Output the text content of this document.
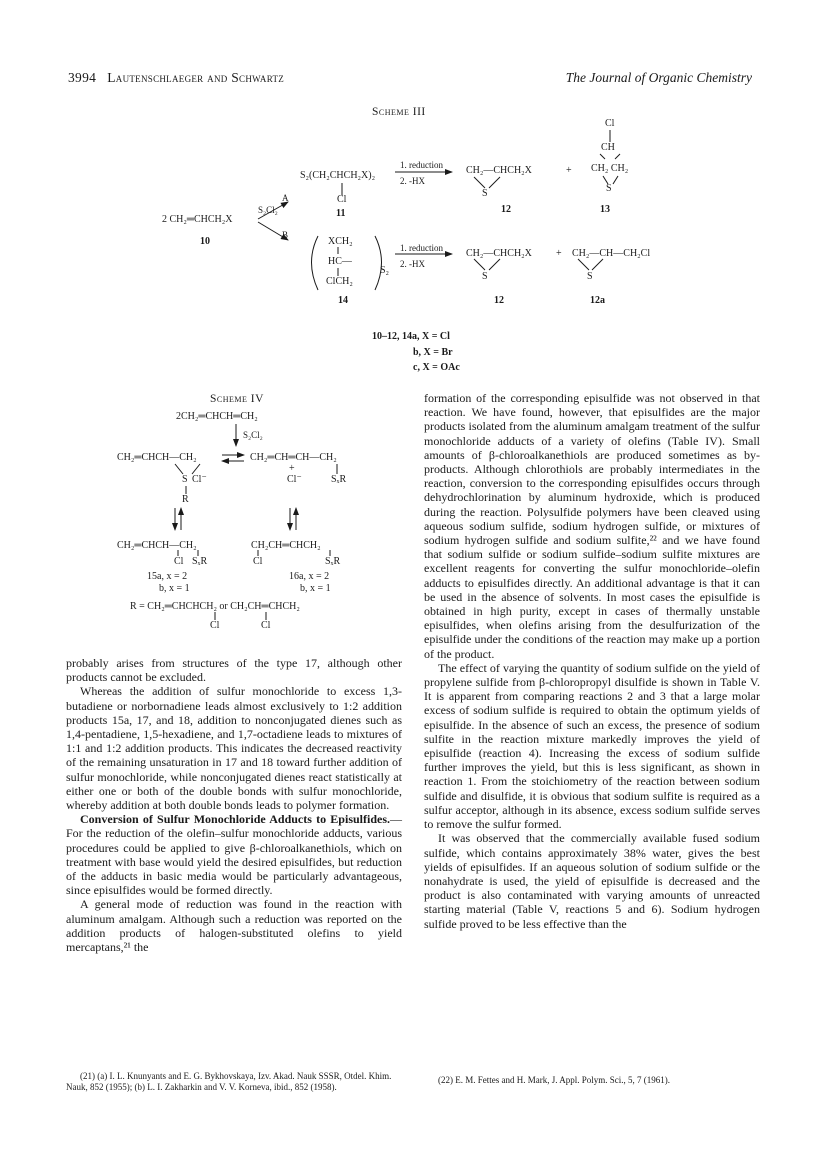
3994 Lautenschlaeger and Schwartz	The Journal of Organic Chemistry
Scheme III
2 CH₂═CHCH₂X
10
S₂Cl₂
A
B
S₂(CH₂CHCH₂X)₂
Cl
11
1. reduction
2. -HX
CH₂—CHCH₂X
S
12
+
Cl
CH
CH₂ CH₂
S
13
XCH₂
HC—
ClCH₂
S₂
14
1. reduction
2. -HX
CH₂—CHCH₂X
S
12
+ CH₂—CH—CH₂Cl
S
12a
10–12, 14a, X = Cl
b, X = Br
c, X = OAc
Scheme IV
2CH₂═CHCH═CH₂
S₂Cl₂
CH₂═CHCH—CH₂
S Cl⁻
R
CH₂═CH═CH—CH₂
+
Cl⁻	SₓR
CH₂═CHCH—CH₂
Cl SₓR
15a, x = 2
b, x = 1
CH₂CH═CHCH₂
Cl	SₓR
16a, x = 2
b, x = 1
R = CH₂═CHCHCH₂ or CH₂CH═CHCH₂
Cl	Cl

probably arises from structures of the type 17, although other products cannot be excluded.

Whereas the addition of sulfur monochloride to excess 1,3-butadiene or norbornadiene leads almost exclusively to 1:2 addition products 15a, 17, and 18, addition to nonconjugated dienes such as 1,4-pentadiene, 1,5-hexadiene, and 1,7-octadiene leads to mixtures of 1:1 and 1:2 addition products. This indicates the decreased reactivity of the remaining unsaturation in 17 and 18 toward further addition of sulfur monochloride, while nonconjugated dienes react statistically at either one or both of the double bonds with sulfur monochloride, whereby addition at both double bonds leads to polymer formation.

Conversion of Sulfur Monochloride Adducts to Episulfides.—For the reduction of the olefin–sulfur monochloride adducts, various procedures could be applied to give β-chloroalkanethiols, which on treatment with base would yield the desired episulfides, but reduction of the adducts in basic media would be particularly advantageous, since episulfides would be formed directly.

A general mode of reduction was found in the reaction with aluminum amalgam. Although such a reduction was reported on the addition products of halogen-substituted olefins to yield mercaptans,²¹ the

(21) (a) I. L. Knunyants and E. G. Bykhovskaya, Izv. Akad. Nauk SSSR, Otdel. Khim. Nauk, 852 (1955); (b) L. I. Zakharkin and V. V. Korneva, ibid., 852 (1958).

formation of the corresponding episulfide was not observed in that reaction. We have found, however, that episulfides are the major products isolated from the aluminum amalgam treatment of the sulfur monochloride adducts of a variety of olefins (Table IV). Small amounts of β-chloroalkanethiols are produced sometimes as by-products. Although chlorothiols are probably intermediates in the reaction, conversion to the corresponding episulfides occurs through dehydrochlorination by aluminum hydroxide, which is produced during the reaction. Polysulfide polymers have been cleaved using aqueous sodium sulfide, sodium hydrogen sulfide, or mixtures of sodium hydrogen sulfide and sodium sulfite,²² and we have found that sodium sulfide or sodium sulfide–sodium sulfite mixtures are excellent reagents for converting the sulfur monochloride–olefin adducts to episulfides directly. An additional advantage is that it can be used in the absence of solvents. In most cases the episulfide is obtained in high purity, except in cases of thermally unstable episulfides, when olefins arising from the desulfurization of the episulfide under the conditions of the reaction may make up a portion of the product.

The effect of varying the quantity of sodium sulfide on the yield of propylene sulfide from β-chloropropyl disulfide is shown in Table V. It is apparent from comparing reactions 2 and 3 that a large molar excess of sodium sulfide is required to obtain the optimum yields of episulfide. In the absence of such an excess, the presence of sodium sulfite in the reaction mixture markedly improves the yield of episulfide (reaction 4). Increasing the excess of sodium sulfide further improves the yield, but this is less significant, as shown in reaction 1. From the stoichiometry of the reaction between sodium sulfide and disulfide, it is obvious that sodium sulfite is required as a sulfur acceptor, although in its absence, excess sodium sulfide serves to remove the sulfur formed.

It was observed that the commercially available fused sodium sulfide, which contains approximately 38% water, gives the best yields of episulfides. If an aqueous solution of sodium sulfide or the nonahydrate is used, the yield of episulfide is decreased and the product is also contaminated with varying amounts of unreacted starting material (Table V, reactions 5 and 6). Sodium hydrogen sulfide proved to be less effective than the

(22) E. M. Fettes and H. Mark, J. Appl. Polym. Sci., 5, 7 (1961).
